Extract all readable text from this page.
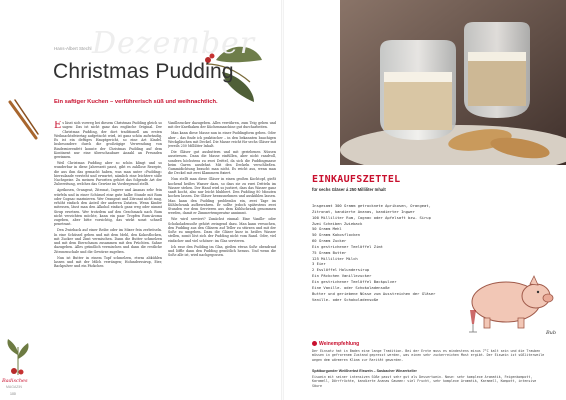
Dezember
Hans-Albert Stechl
Christmas Pudding
Ein saftiger Kuchen – verführerisch süß und weihnachtlich.

Es lässt sich vorweg bei diesem Christmas Pudding gleich so sagen: Das ist nicht ganz das englische Original. Der Christmas Pudding, der dort traditionell am ersten Weihnachtsfeiertag aufgetischt wird, ist ganz schön aufwändig. Es ist ein deftiges Hauptgericht, so eine Art Kindel. Insbesondere durch die großzügige Verwendung von Rindernierenfett konnte der Christmas Pudding auf dem Kontinent nur eine überschaubare Anzahl an Freunden gewinnen.

Weil Christmas Pudding aber so schön klingt und so wunderbar in diese Jahreszeit passt, gibt es zahllose Rezepte, die aus ihm das gemacht haben, was man unter »Pudding« hierzulande versteht und erwartet, nämlich eine leichtere süße Nachspeise. Zu meinen Favoriten gehört das folgende Art der Zubereitung, welches das Gewürz im Vordergrund stellt.

Aprikosen, Orangeat, Zitronat, Ingwer und Ananas sehr fein würfeln und in einer Schüssel eine gute halbe Stunde mit Rum oder Cognac marinieren. Wer Orangeat und Zitronat nicht mag, erhöht einfach den Anteil der anderen Zutaten. Wenn Kinder mitessen, lässt man den Alkohol einfach ganz weg oder nimmt Sirup ersetzen. Wer trotzdem auf den Geschmack nach Rum nicht verzichten möchte, kann ein paar Tropfen Rum-Aroma zugeben, aber bitte vorsichtig, das wirkt sonst schnell penetrant.

Den Zwieback auf einer Reibe oder im Mixer fein zerbröseln. In eine Schüssel geben und mit dem Mehl, den Kokosflocken, mit Zucker und Zimt vermischen. Dann die Butter schmelzen und mit dem Eierschaum zusammen mit den Früchten. Sahne dazugeben. Alles gründlich vermischen und dann die restliche Zitronenschale und die Gewürze zugeben.

Nun ist Butter in einem Topf schmelzen, etwas abkühlen lassen und mit der Milch verrängen; Holunderssirup, Eier, Backpulver und ein Päckchen

Vanillezucker dazugeben. Alles verrühren, zum Teig geben und mit der Knethaken der Küchenmaschine gut durcharbeiten.

Man kann diese Masse nun in einer Puddingform geben. Oder aber – das finde ich praktischer – in den bekannten bauchigen Weckgläschen mit Deckel. Die Masse reicht für sechs Gläser mit jeweils 250 Milliliter Inhalt.

Die Gläser gut ausbuttern und mit geriebenen Nüssen ausstreuen. Dann die Masse einfüllen, aber nicht randvoll, sondern höchstens zu zwei Drittel, da sich die Puddingmasse beim Garen ausdehnt. Mit den Deckeln verschließen. Gummidichtung braucht man nicht. Es reicht aus, wenn man die Deckel mit zwei Klammern fixiert.

Nun stellt man diese Gläser in einen großen Kochtopf, gießt kochend heißes Wasser dazu, so dass sie zu zwei Dritteln im Wasser stehen. Der Hand wird so justiert, dass das Wasser ganz sanft kocht, also nur leicht blubbert. Den Pudding 80 Minuten kochen lassen. Die Gläser herausnehmen und auskühlen lassen. Man kann den Pudding problemlos ein, zwei Tage im Kühlschrank aufbewahren. Er sollte jedoch spätestens zwei Stunden vor dem Servieren aus dem Kühlschrank genommen werden, damit er Zimmertemperatur annimmt.

Wie wird serviert? Zunächst einmal: Eine Vanille- oder Schokoladensoße gehört zwingend dazu. Man kann versuchen, den Pudding aus den Gläsern auf Teller zu stürzen und mit der Soße zu umgeben. Dazu die Gläser kurz in heißes Wasser stellen, somit löst sich der Pudding nicht vom Rand. Oder, viel einfacher und viel schöner: im Glas servieren.

Ich esse den Pudding im Glas, gießen etwas Soße obendrauf und löffle dann den Pudding gemütlich heraus. Und wenn die Soße alle ist, wird nachgegossen.

EINKAUFSZETTEL
für sechs Gläser á 250 Milliliter Inhalt
Insgesamt 300 Gramm getrocknete Aprikosen, Orangeat,
Zitronat, kandierte Ananas, kandierter Ingwer
100 Milliliter Rum, Cognac oder Apfelsaft bzw. Sirup
Zwei Scheiben Zwieback
50 Gramm Mehl
50 Gramm Kokosflocken
60 Gramm Zucker
Ein gestrichener Teelöffel Zimt
75 Gramm Butter
125 Milliliter Milch
3 Eier
2 Esslöffel Holundersirup
Ein Päckchen Vanillezucker
Ein gestrichener Teelöffel Backpulver
Eine Vanille- oder Schokoladensoße
Butter und geriebene Nüsse zum Ausstreichen der Gläser
Vanille- oder Schokoladensoße
Bub
Weinempfehlung
Der Einsatz hat in Baden eine lange Tradition. Bei der Ernte muss es mindestens minus 7°C kalt sein und die Trauben müssen in gefrorenem Zustand gepresst werden, was einen sehr zuckerreichen Most ergibt. Der Eiswein ist süßliterweile wegen dem wärmeren Klima zur Rarität geworden.
Spätburgunder Weißherbst Eiswein – Sasbacher Winzerkeller
Eiswein mit seiner intensiven Süße passt sehr gut als Dessertwein. Nase: sehr komplexe Aromatik, Feigenkompott, Karamell, Dörrfrüchte, kandierte Ananas Gaumen: viel Frucht, sehr komplexe Aromatik, Karamell, Kompott, intensive Säure
Badisches
MAGAZIN
100
